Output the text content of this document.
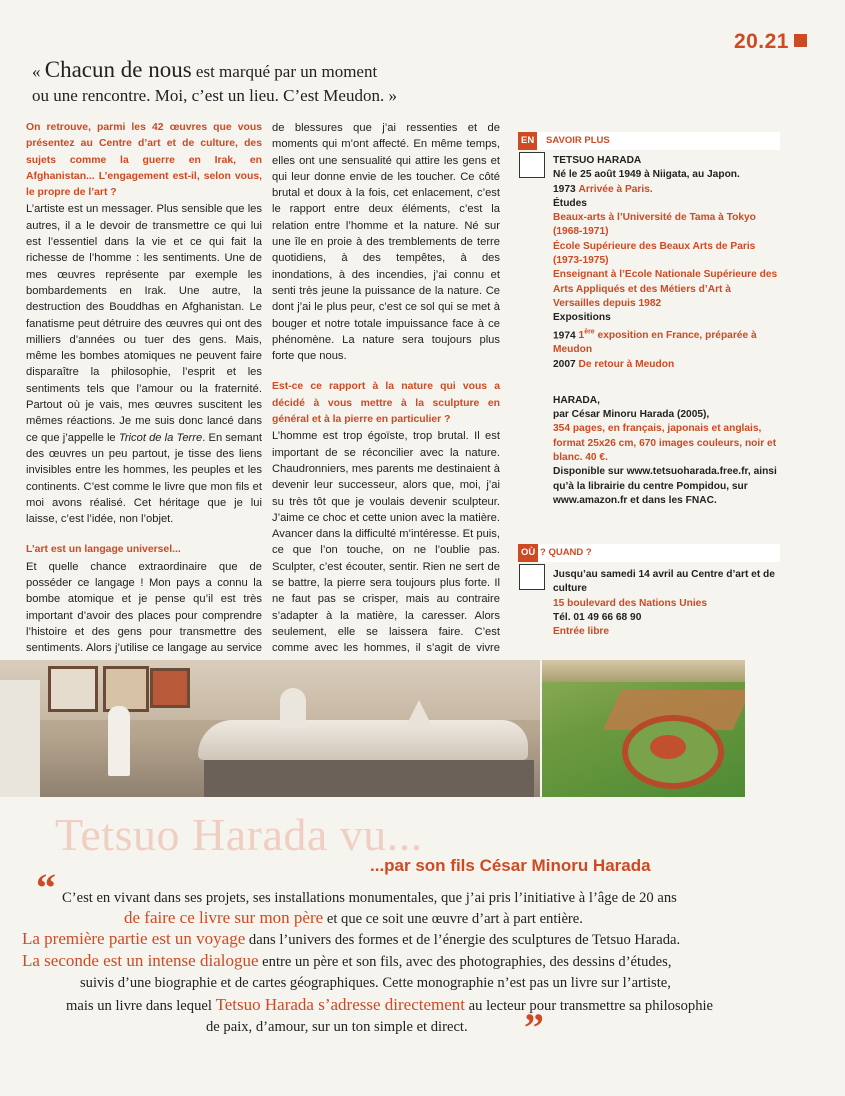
20.21
« Chacun de nous est marqué par un moment
ou une rencontre. Moi, c’est un lieu. C’est Meudon. »

On retrouve, parmi les 42 œuvres que vous présentez au Centre d’art et de culture, des sujets comme la guerre en Irak, en Afghanistan... L’engagement est-il, selon vous, le propre de l’art ?

L’artiste est un messager. Plus sensible que les autres, il a le devoir de transmettre ce qui lui est l’essentiel dans la vie et ce qui fait la richesse de l’homme : les sentiments. Une de mes œuvres représente par exemple les bombardements en Irak. Une autre, la destruction des Bouddhas en Afghanistan. Le fanatisme peut détruire des œuvres qui ont des milliers d’années ou tuer des gens. Mais, même les bombes atomiques ne peuvent faire disparaître la philosophie, l’esprit et les sentiments tels que l’amour ou la fraternité. Partout où je vais, mes œuvres suscitent les mêmes réactions. Je me suis donc lancé dans ce que j’appelle le Tricot de la Terre. En semant des œuvres un peu partout, je tisse des liens invisibles entre les hommes, les peuples et les continents. C’est comme le livre que mon fils et moi avons réalisé. Cet héritage que je lui laisse, c’est l’idée, non l’objet.

L’art est un langage universel...

Et quelle chance extraordinaire que de posséder ce langage ! Mon pays a connu la bombe atomique et je pense qu’il est très important d’avoir des places pour comprendre l’histoire et des gens pour transmettre des sentiments. Alors j’utilise ce langage au service

de blessures que j’ai ressenties et de moments qui m’ont affecté. En même temps, elles ont une sensualité qui attire les gens et qui leur donne envie de les toucher. Ce côté brutal et doux à la fois, cet enlacement, c’est le rapport entre deux éléments, c’est la relation entre l’homme et la nature. Né sur une île en proie à des tremblements de terre quotidiens, à des tempêtes, à des inondations, à des incendies, j’ai connu et senti très jeune la puissance de la nature. Ce dont j’ai le plus peur, c’est ce sol qui se met à bouger et notre totale impuissance face à ce phénomène. La nature sera toujours plus forte que nous.

Est-ce ce rapport à la nature qui vous a décidé à vous mettre à la sculpture en général et à la pierre en particulier ?

L’homme est trop égoïste, trop brutal. Il est important de se réconcilier avec la nature. Chaudronniers, mes parents me destinaient à devenir leur successeur, alors que, moi, j’ai su très tôt que je voulais devenir sculpteur. J’aime ce choc et cette union avec la matière. Avancer dans la difficulté m’intéresse. Et puis, ce que l’on touche, on ne l’oublie pas. Sculpter, c’est écouter, sentir. Rien ne sert de se battre, la pierre sera toujours plus forte. Il ne faut pas se crisper, mais au contraire s’adapter à la matière, la caresser. Alors seulement, elle se laissera faire. C’est comme avec les hommes, il s’agit de vivre

EN	SAVOIR PLUS
TETSUO HARADA
Né le 25 août 1949 à Niigata, au Japon.
1973 Arrivée à Paris.
Études
Beaux-arts à l’Université de Tama à Tokyo (1968-1971)
École Supérieure des Beaux Arts de Paris (1973-1975)
Enseignant à l’Ecole Nationale Supérieure des Arts Appliqués et des Métiers d’Art à Versailles depuis 1982
Expositions
1974 1ère exposition en France, préparée à Meudon
2007 De retour à Meudon
HARADA,
par César Minoru Harada (2005),
354 pages, en français, japonais et anglais, format 25x26 cm, 670 images couleurs, noir et blanc. 40 €.
Disponible sur www.tetsuoharada.free.fr, ainsi qu’à la librairie du centre Pompidou, sur www.amazon.fr et dans les FNAC.
OÙ ? QUAND ?
Jusqu’au samedi 14 avril au Centre d’art et de culture
15 boulevard des Nations Unies
Tél. 01 49 66 68 90
Entrée libre
Tetsuo Harada vu...
...par son fils César Minoru Harada
“ C’est en vivant dans ses projets, ses installations monumentales, que j’ai pris l’initiative à l’âge de 20 ans
de faire ce livre sur mon père et que ce soit une œuvre d’art à part entière.
La première partie est un voyage dans l’univers des formes et de l’énergie des sculptures de Tetsuo Harada.
La seconde est un intense dialogue entre un père et son fils, avec des photographies, des dessins d’études,
suivis d’une biographie et de cartes géographiques. Cette monographie n’est pas un livre sur l’artiste,
mais un livre dans lequel Tetsuo Harada s’adresse directement au lecteur pour transmettre sa philosophie
de paix, d’amour, sur un ton simple et direct. ”
